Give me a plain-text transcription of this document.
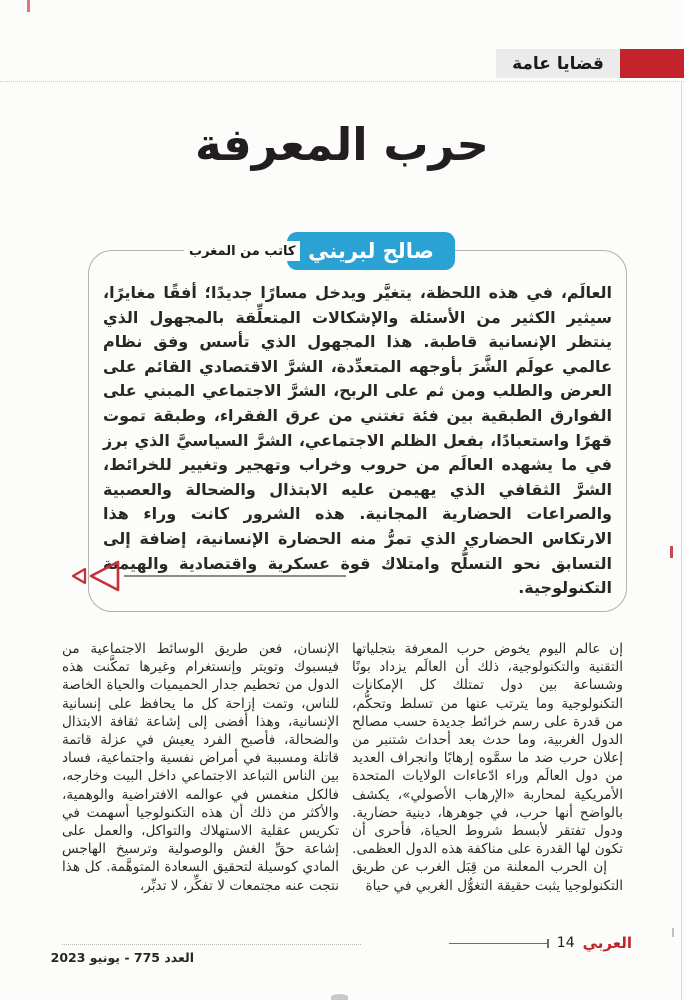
قضايا عامة
حرب المعرفة
العالَم، في هذه اللحظة، يتغيَّر ويدخل مسارًا جديدًا؛ أفقًا مغايرًا، سيثير الكثير من الأسئلة والإشكالات المتعلِّقة بالمجهول الذي ينتظر الإنسانية قاطبة. هذا المجهول الذي تأسس وفق نظام عالمي عولَم الشَّرَ بأوجهه المتعدِّدة، الشرَّ الاقتصادي القائم على العرض والطلب ومن ثم على الربح، الشرَّ الاجتماعي المبني على الفوارق الطبقية بين فئة تغتني من عرق الفقراء، وطبقة تموت قهرًا واستعبادًا، بفعل الظلم الاجتماعي، الشرَّ السياسيَّ الذي برز في ما يشهده العالَم من حروب وخراب وتهجير وتغيير للخرائط، الشرَّ الثقافي الذي يهيمن عليه الابتذال والضحالة والعصبية والصراعات الحضارية المجانية. هذه الشرور كانت وراء هذا الارتكاس الحضاري الذي تمرُّ منه الحضارة الإنسانية، إضافة إلى التسابق نحو التسلُّح وامتلاك قوة عسكرية واقتصادية والهيمنة التكنولوجية.
صالح لبريني
كاتب من المغرب

إن عالم اليوم يخوض حرب المعرفة بتجلياتها التقنية والتكنولوجية، ذلك أن العالَم يزداد بونًا وشساعة بين دول تمتلك كل الإمكانات التكنولوجية وما يترتب عنها من تسلط وتحكُّم، من قدرة على رسم خرائط جديدة حسب مصالح الدول الغربية، وما حدث بعد أحداث شتنبر من إعلان حرب ضد ما سمَّوه إرهابًا وانجراف العديد من دول العالَم وراء ادّعاءات الولايات المتحدة الأمريكية لمحاربة «الإرهاب الأصولي»، يكشف بالواضح أنها حرب، في جوهرها، دينية حضارية. ودول تفتقر لأبسط شروط الحياة، فأحرى أن تكون لها القدرة على مناكفة هذه الدول العظمى.

إن الحرب المعلنة من قِبَل الغرب عن طريق التكنولوجيا يثبت حقيقة التغوُّل الغربي في حياة

الإنسان، فعن طريق الوسائط الاجتماعية من فيسبوك وتويتر وإنستغرام وغيرها تمكَّنت هذه الدول من تحطيم جدار الحميميات والحياة الخاصة للناس، وتمت إزاحة كل ما يحافظ على إنسانية الإنسانية، وهذا أفضى إلى إشاعة ثقافة الابتذال والضحالة، فأصبح الفرد يعيش في عزلة قاتمة قاتلة ومسببة في أمراض نفسية واجتماعية، فساد بين الناس التباعد الاجتماعي داخل البيت وخارجه، فالكل منغمس في عوالمه الافتراضية والوهمية، والأكثر من ذلك أن هذه التكنولوجيا أسهمت في تكريس عقلية الاستهلاك والتواكل، والعمل على إشاعة حقِّ الغش والوصولية وترسيخ الهاجس المادي كوسيلة لتحقيق السعادة المتوهَّمة. كل هذا نتجت عنه مجتمعات لا تفكِّر، لا تدبِّر،

العدد 775 - يونيو 2023
14 العربي
